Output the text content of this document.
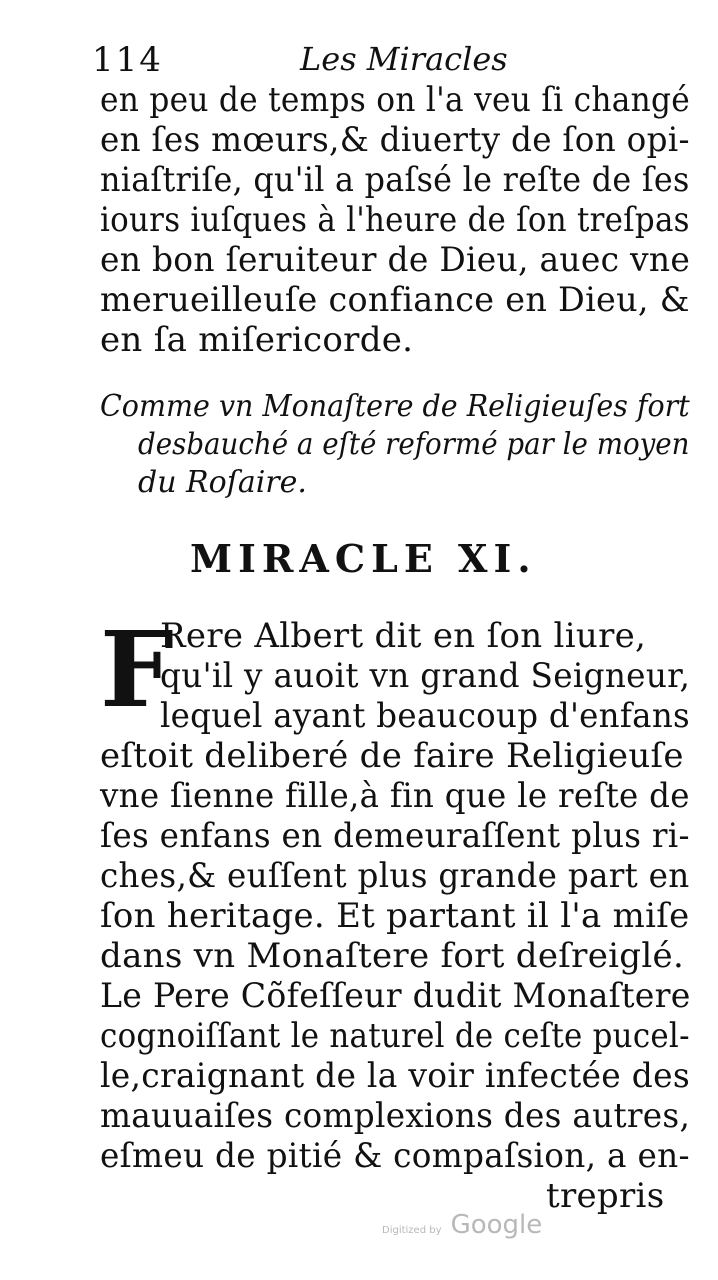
114	Les Miracles
en peu de temps on l'a veu ſi changé
en ſes mœurs,& diuerty de ſon opi-
niaſtriſe, qu'il a paſsé le reſte de ſes
iours iuſques à l'heure de ſon treſpas
en bon ſeruiteur de Dieu, auec vne
merueilleuſe confiance en Dieu, &
en ſa miſericorde.
Comme vn Monaſtere de Religieuſes fort
desbauché a eſté reformé par le moyen
du Roſaire.
MIRACLE XI.
F
Rere Albert dit en ſon liure,
qu'il y auoit vn grand Seigneur,
lequel ayant beaucoup d'enfans
eſtoit deliberé de faire Religieuſe
vne ſienne fille,à fin que le reſte de
ſes enfans en demeuraſſent plus ri-
ches,& euſſent plus grande part en
ſon heritage. Et partant il l'a miſe
dans vn Monaſtere fort deſreiglé.
Le Pere Cõfeſſeur dudit Monaſtere
cognoiſſant le naturel de ceſte pucel-
le,craignant de la voir infectée des
mauuaiſes complexions des autres,
eſmeu de pitié & compaſsion, a en-
trepris
Digitized by Google
